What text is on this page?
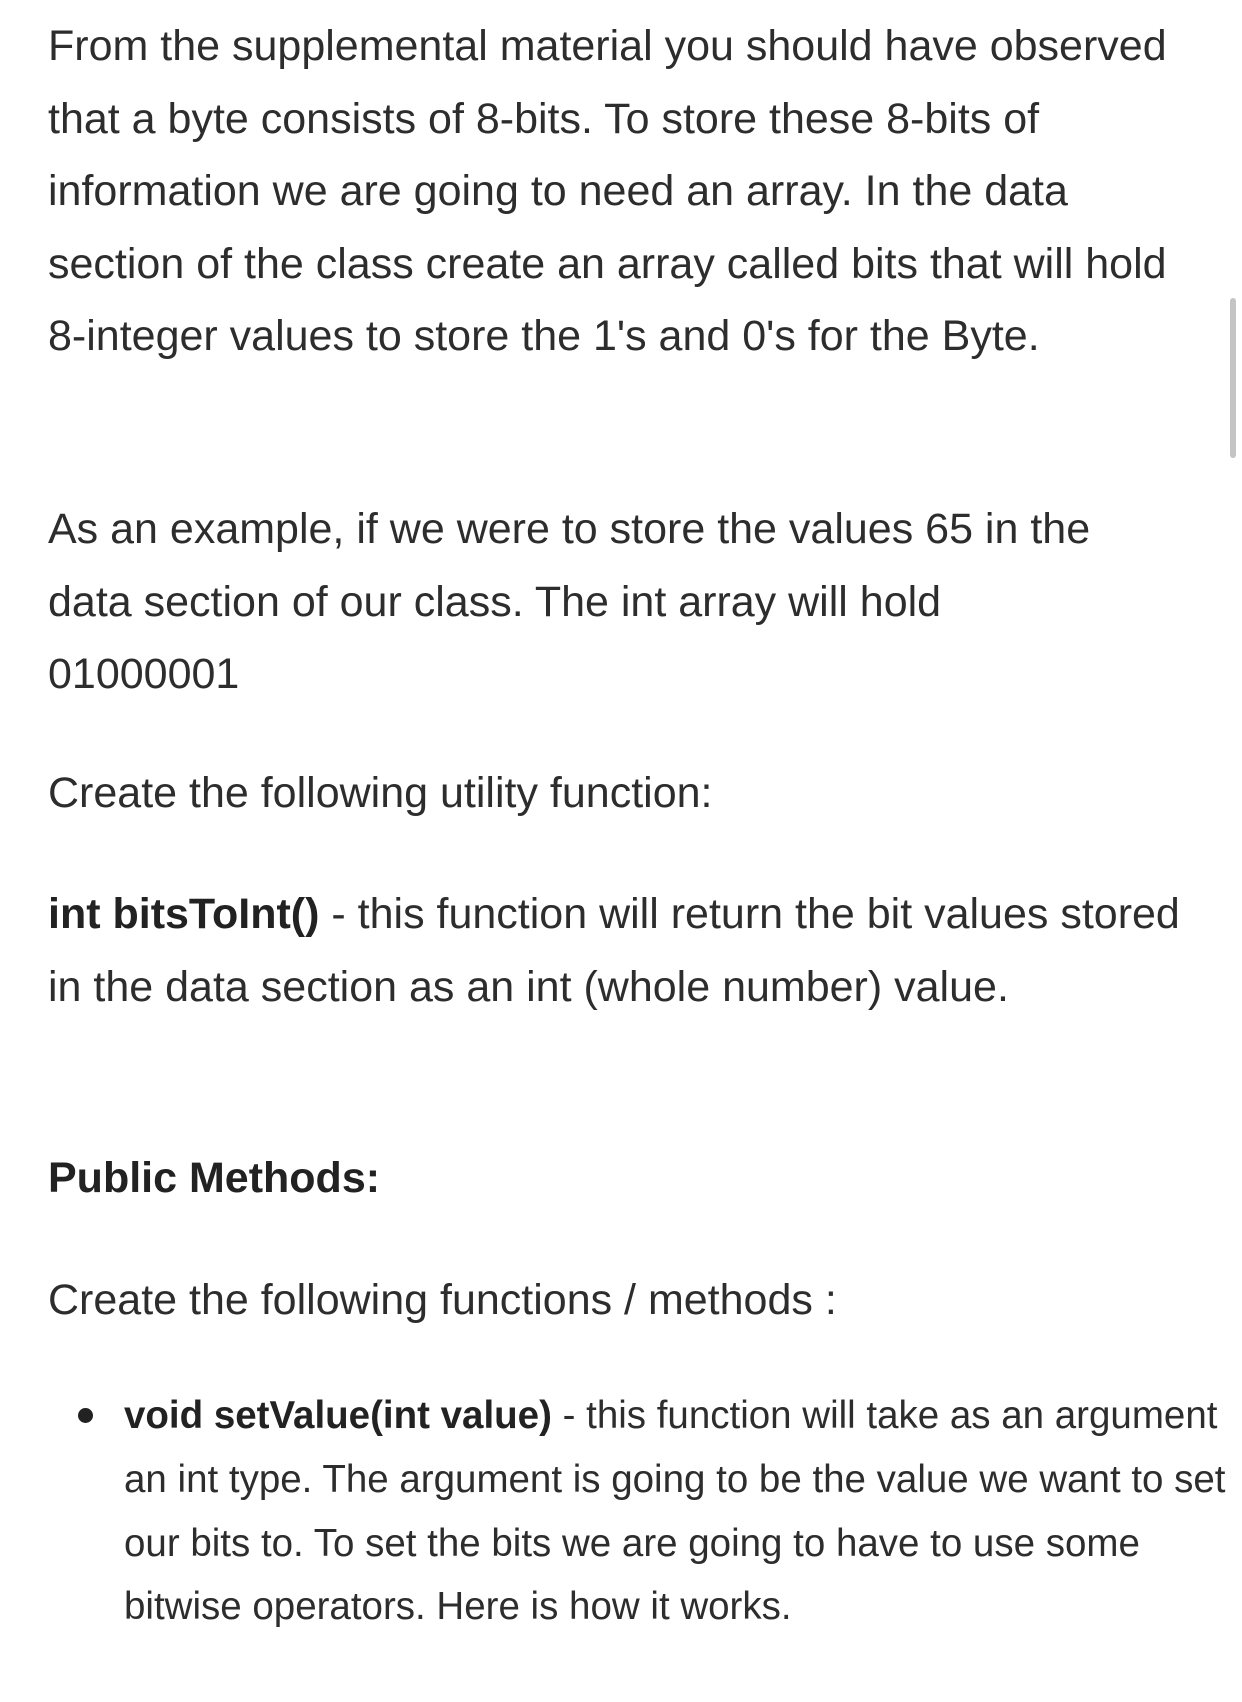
From the supplemental material you should have observed that a byte consists of 8-bits. To store these 8-bits of information we are going to need an array. In the data section of the class create an array called bits that will hold 8-integer values to store the 1's and 0's for the Byte.

As an example, if we were to store the values 65 in the data section of our class. The int array will hold 01000001

Create the following utility function:

int bitsToInt() - this function will return the bit values stored in the data section as an int (whole number) value.

Public Methods:

Create the following functions / methods :

void setValue(int value) - this function will take as an argument an int type. The argument is going to be the value we want to set our bits to. To set the bits we are going to have to use some bitwise operators. Here is how it works.
